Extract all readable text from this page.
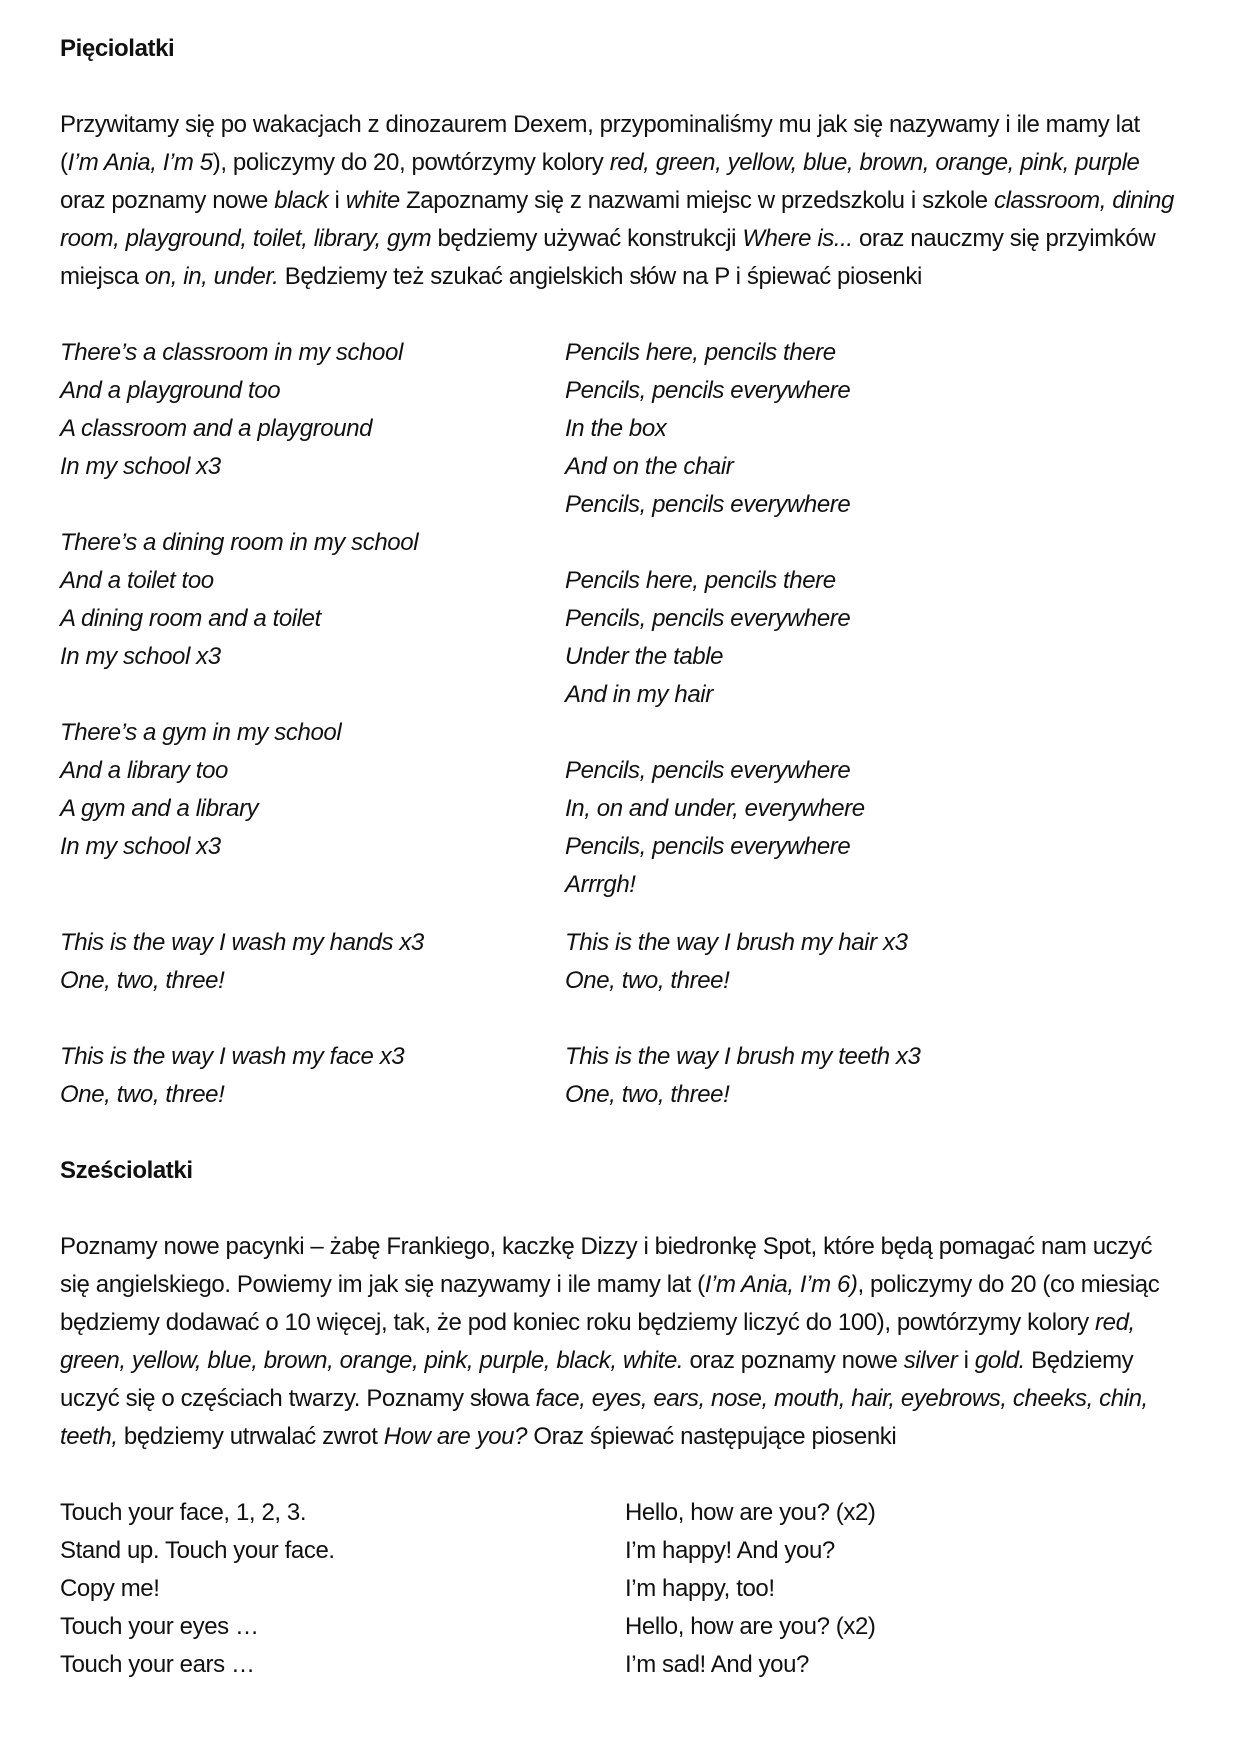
Pięciolatki

Przywitamy się po wakacjach z dinozaurem Dexem, przypominaliśmy mu jak się nazywamy i ile mamy lat (I’m Ania, I’m 5), policzymy do 20, powtórzymy kolory red, green, yellow, blue, brown, orange, pink, purple oraz poznamy nowe black i white Zapoznamy się z nazwami miejsc w przedszkolu i szkole classroom, dining room, playground, toilet, library, gym będziemy używać konstrukcji Where is... oraz nauczmy się przyimków miejsca on, in, under. Będziemy też szukać angielskich słów na P i śpiewać piosenki

There’s a classroom in my school
And a playground too
A classroom and a playground
In my school x3
There’s a dining room in my school
And a toilet too
A dining room and a toilet
In my school x3
There’s a gym in my school
And a library too
A gym and a library
In my school x3
Pencils here, pencils there
Pencils, pencils everywhere
In the box
And on the chair
Pencils, pencils everywhere
Pencils here, pencils there
Pencils, pencils everywhere
Under the table
And in my hair
Pencils, pencils everywhere
In, on and under, everywhere
Pencils, pencils everywhere
Arrrgh!
This is the way I wash my hands x3
One, two, three!
This is the way I wash my face x3
One, two, three!
This is the way I brush my hair x3
One, two, three!
This is the way I brush my teeth x3
One, two, three!
Sześciolatki

Poznamy nowe pacynki – żabę Frankiego, kaczkę Dizzy i biedronkę Spot, które będą pomagać nam uczyć się angielskiego. Powiemy im jak się nazywamy i ile mamy lat (I’m Ania, I’m 6), policzymy do 20 (co miesiąc będziemy dodawać o 10 więcej, tak, że pod koniec roku będziemy liczyć do 100), powtórzymy kolory red, green, yellow, blue, brown, orange, pink, purple, black, white. oraz poznamy nowe silver i gold. Będziemy uczyć się o częściach twarzy. Poznamy słowa face, eyes, ears, nose, mouth, hair, eyebrows, cheeks, chin, teeth, będziemy utrwalać zwrot How are you? Oraz śpiewać następujące piosenki

Touch your face, 1, 2, 3.
Stand up. Touch your face.
Copy me!
Touch your eyes …
Touch your ears …
Hello, how are you? (x2)
I’m happy! And you?
I’m happy, too!
Hello, how are you? (x2)
I’m sad! And you?
